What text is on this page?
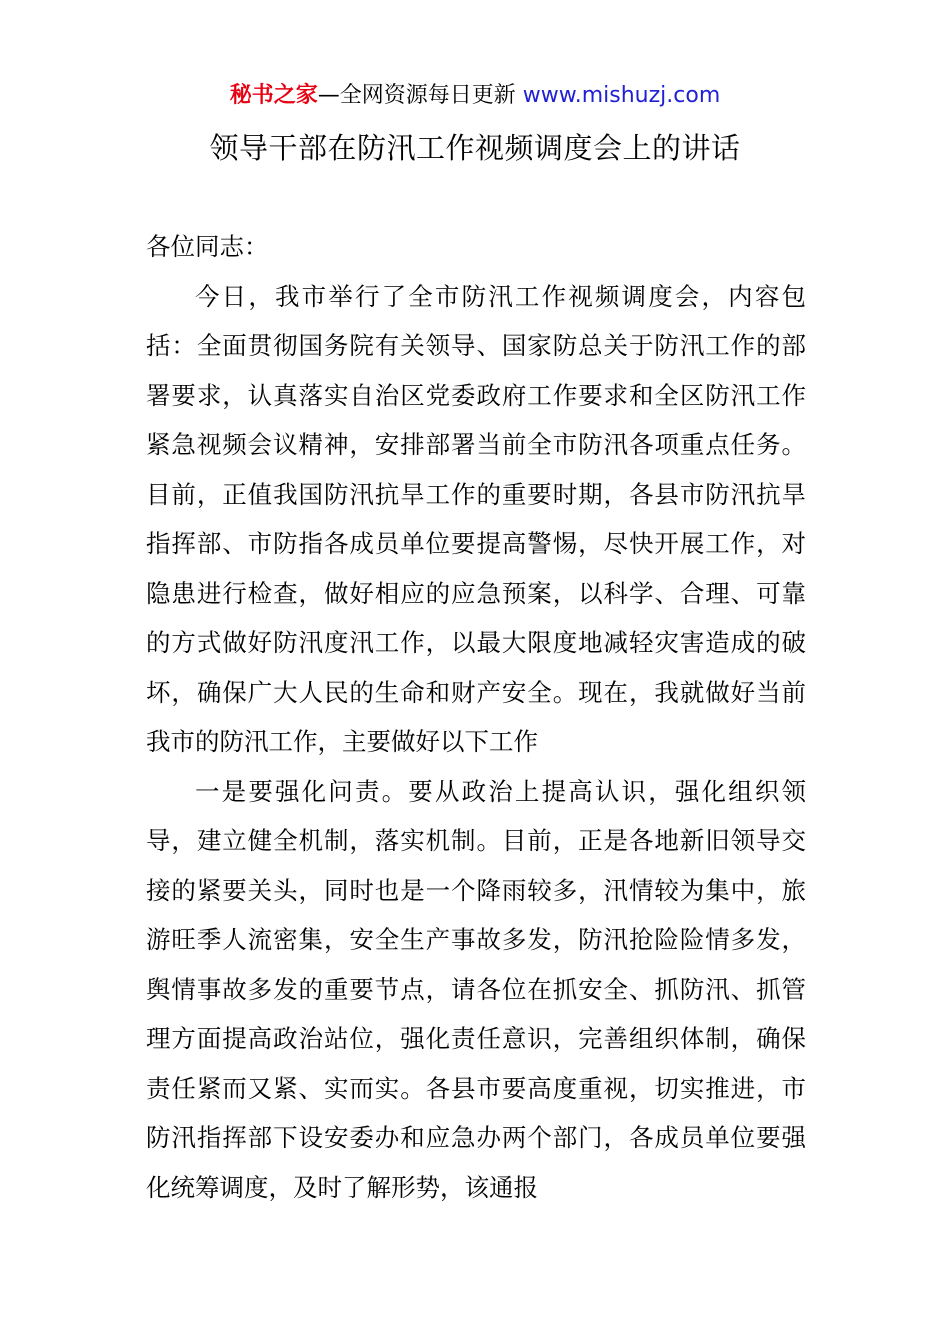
秘书之家—全网资源每日更新 www.mishuzj.com
领导干部在防汛工作视频调度会上的讲话

各位同志：

今日，我市举行了全市防汛工作视频调度会，内容包括：全面贯彻国务院有关领导、国家防总关于防汛工作的部署要求，认真落实自治区党委政府工作要求和全区防汛工作紧急视频会议精神，安排部署当前全市防汛各项重点任务。目前，正值我国防汛抗旱工作的重要时期，各县市防汛抗旱指挥部、市防指各成员单位要提高警惕，尽快开展工作，对隐患进行检查，做好相应的应急预案，以科学、合理、可靠的方式做好防汛度汛工作，以最大限度地减轻灾害造成的破坏，确保广大人民的生命和财产安全。现在，我就做好当前我市的防汛工作，主要做好以下工作

一是要强化问责。要从政治上提高认识，强化组织领导，建立健全机制，落实机制。目前，正是各地新旧领导交接的紧要关头，同时也是一个降雨较多，汛情较为集中，旅游旺季人流密集，安全生产事故多发，防汛抢险险情多发，舆情事故多发的重要节点，请各位在抓安全、抓防汛、抓管理方面提高政治站位，强化责任意识，完善组织体制，确保责任紧而又紧、实而实。各县市要高度重视，切实推进，市防汛指挥部下设安委办和应急办两个部门，各成员单位要强化统筹调度，及时了解形势，该通报
